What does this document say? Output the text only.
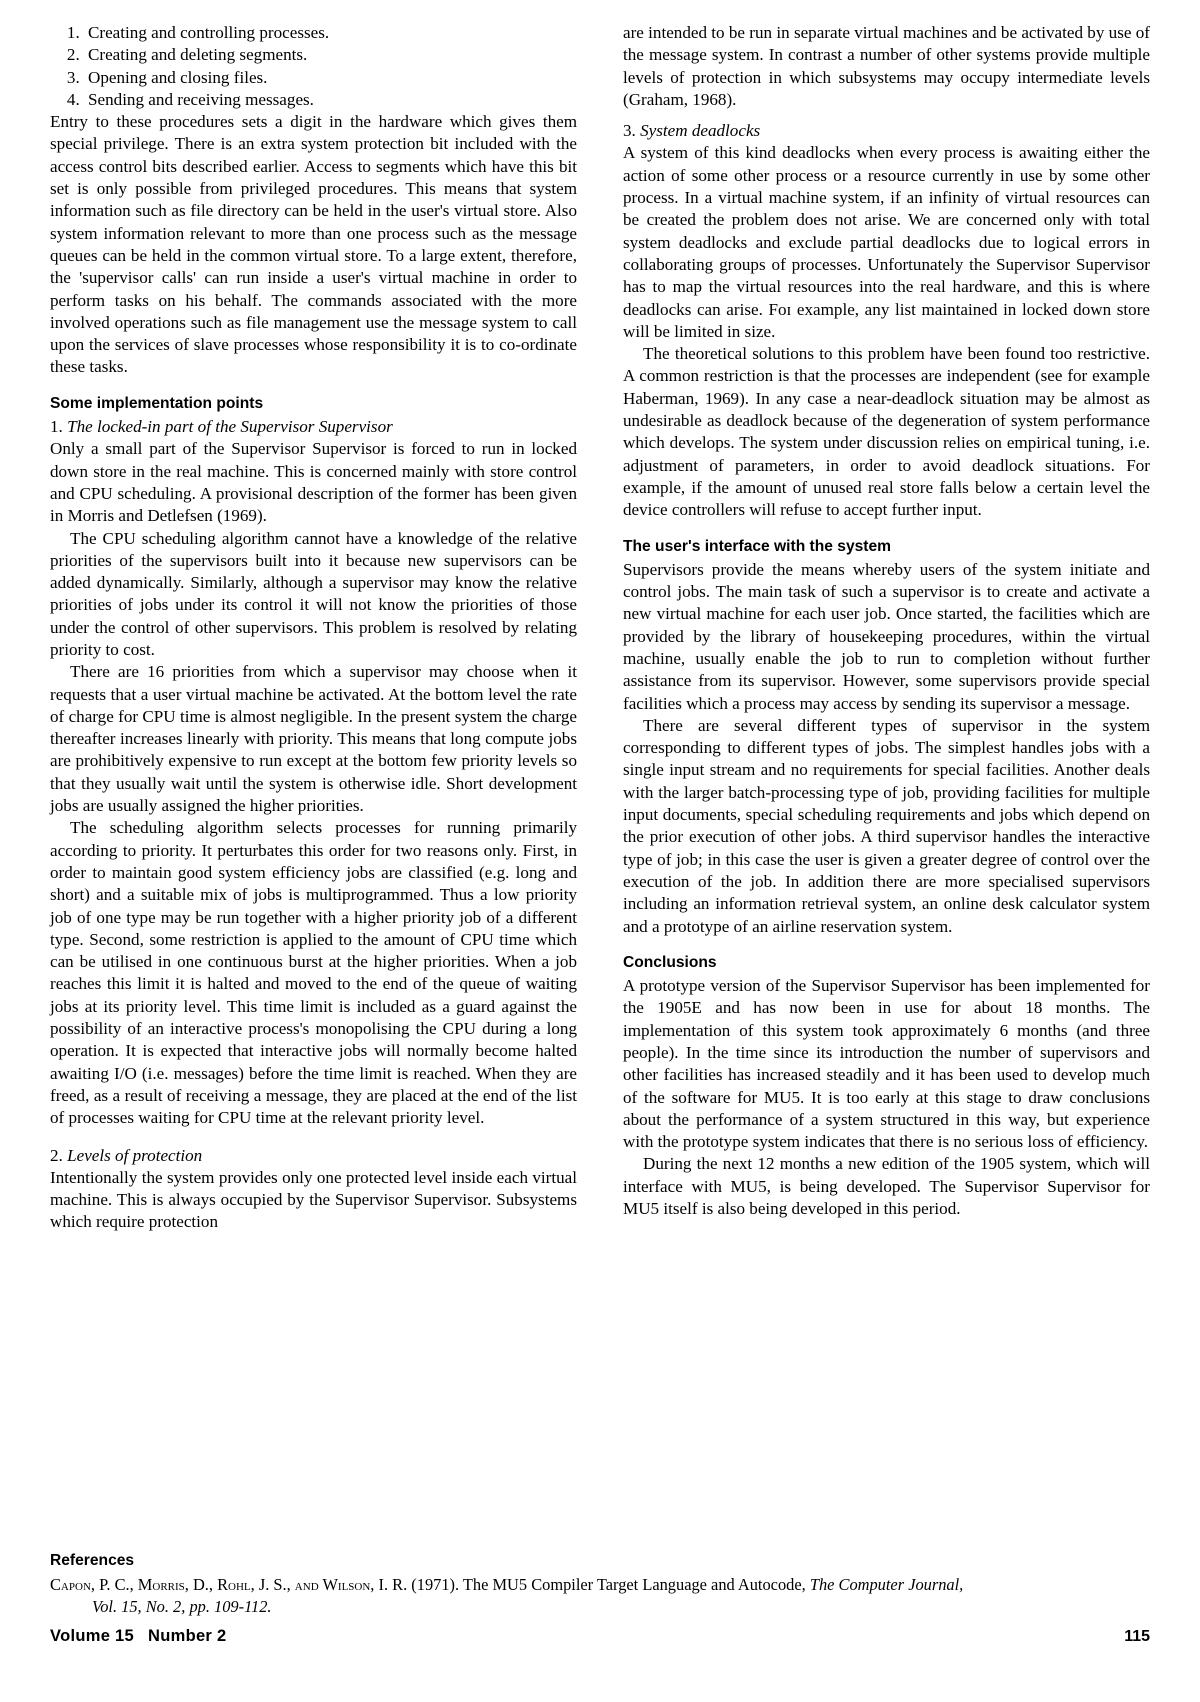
1. Creating and controlling processes.
2. Creating and deleting segments.
3. Opening and closing files.
4. Sending and receiving messages.

Entry to these procedures sets a digit in the hardware which gives them special privilege. There is an extra system protection bit included with the access control bits described earlier. Access to segments which have this bit set is only possible from privileged procedures. This means that system information such as file directory can be held in the user's virtual store. Also system information relevant to more than one process such as the message queues can be held in the common virtual store. To a large extent, therefore, the 'supervisor calls' can run inside a user's virtual machine in order to perform tasks on his behalf. The commands associated with the more involved operations such as file management use the message system to call upon the services of slave processes whose responsibility it is to co-ordinate these tasks.

Some implementation points
1. The locked-in part of the Supervisor Supervisor

Only a small part of the Supervisor Supervisor is forced to run in locked down store in the real machine. This is concerned mainly with store control and CPU scheduling. A provisional description of the former has been given in Morris and Detlefsen (1969).

The CPU scheduling algorithm cannot have a knowledge of the relative priorities of the supervisors built into it because new supervisors can be added dynamically. Similarly, although a supervisor may know the relative priorities of jobs under its control it will not know the priorities of those under the control of other supervisors. This problem is resolved by relating priority to cost.

There are 16 priorities from which a supervisor may choose when it requests that a user virtual machine be activated. At the bottom level the rate of charge for CPU time is almost negligible. In the present system the charge thereafter increases linearly with priority. This means that long compute jobs are prohibitively expensive to run except at the bottom few priority levels so that they usually wait until the system is otherwise idle. Short development jobs are usually assigned the higher priorities.

The scheduling algorithm selects processes for running primarily according to priority. It perturbates this order for two reasons only. First, in order to maintain good system efficiency jobs are classified (e.g. long and short) and a suitable mix of jobs is multiprogrammed. Thus a low priority job of one type may be run together with a higher priority job of a different type. Second, some restriction is applied to the amount of CPU time which can be utilised in one continuous burst at the higher priorities. When a job reaches this limit it is halted and moved to the end of the queue of waiting jobs at its priority level. This time limit is included as a guard against the possibility of an interactive process's monopolising the CPU during a long operation. It is expected that interactive jobs will normally become halted awaiting I/O (i.e. messages) before the time limit is reached. When they are freed, as a result of receiving a message, they are placed at the end of the list of processes waiting for CPU time at the relevant priority level.

2. Levels of protection

Intentionally the system provides only one protected level inside each virtual machine. This is always occupied by the Supervisor Supervisor. Subsystems which require protection

are intended to be run in separate virtual machines and be activated by use of the message system. In contrast a number of other systems provide multiple levels of protection in which subsystems may occupy intermediate levels (Graham, 1968).

3. System deadlocks

A system of this kind deadlocks when every process is awaiting either the action of some other process or a resource currently in use by some other process. In a virtual machine system, if an infinity of virtual resources can be created the problem does not arise. We are concerned only with total system deadlocks and exclude partial deadlocks due to logical errors in collaborating groups of processes. Unfortunately the Supervisor Supervisor has to map the virtual resources into the real hardware, and this is where deadlocks can arise. Foɪ example, any list maintained in locked down store will be limited in size.

The theoretical solutions to this problem have been found too restrictive. A common restriction is that the processes are independent (see for example Haberman, 1969). In any case a near-deadlock situation may be almost as undesirable as deadlock because of the degeneration of system performance which develops. The system under discussion relies on empirical tuning, i.e. adjustment of parameters, in order to avoid deadlock situations. For example, if the amount of unused real store falls below a certain level the device controllers will refuse to accept further input.

The user's interface with the system

Supervisors provide the means whereby users of the system initiate and control jobs. The main task of such a supervisor is to create and activate a new virtual machine for each user job. Once started, the facilities which are provided by the library of housekeeping procedures, within the virtual machine, usually enable the job to run to completion without further assistance from its supervisor. However, some supervisors provide special facilities which a process may access by sending its supervisor a message.

There are several different types of supervisor in the system corresponding to different types of jobs. The simplest handles jobs with a single input stream and no requirements for special facilities. Another deals with the larger batch-processing type of job, providing facilities for multiple input documents, special scheduling requirements and jobs which depend on the prior execution of other jobs. A third supervisor handles the interactive type of job; in this case the user is given a greater degree of control over the execution of the job. In addition there are more specialised supervisors including an information retrieval system, an online desk calculator system and a prototype of an airline reservation system.

Conclusions

A prototype version of the Supervisor Supervisor has been implemented for the 1905E and has now been in use for about 18 months. The implementation of this system took approximately 6 months (and three people). In the time since its introduction the number of supervisors and other facilities has increased steadily and it has been used to develop much of the software for MU5. It is too early at this stage to draw conclusions about the performance of a system structured in this way, but experience with the prototype system indicates that there is no serious loss of efficiency.

During the next 12 months a new edition of the 1905 system, which will interface with MU5, is being developed. The Supervisor Supervisor for MU5 itself is also being developed in this period.

References
Capon, P. C., Morris, D., Rohl, J. S., and Wilson, I. R. (1971). The MU5 Compiler Target Language and Autocode, The Computer Journal,
Vol. 15, No. 2, pp. 109-112.
Volume 15 Number 2	115
